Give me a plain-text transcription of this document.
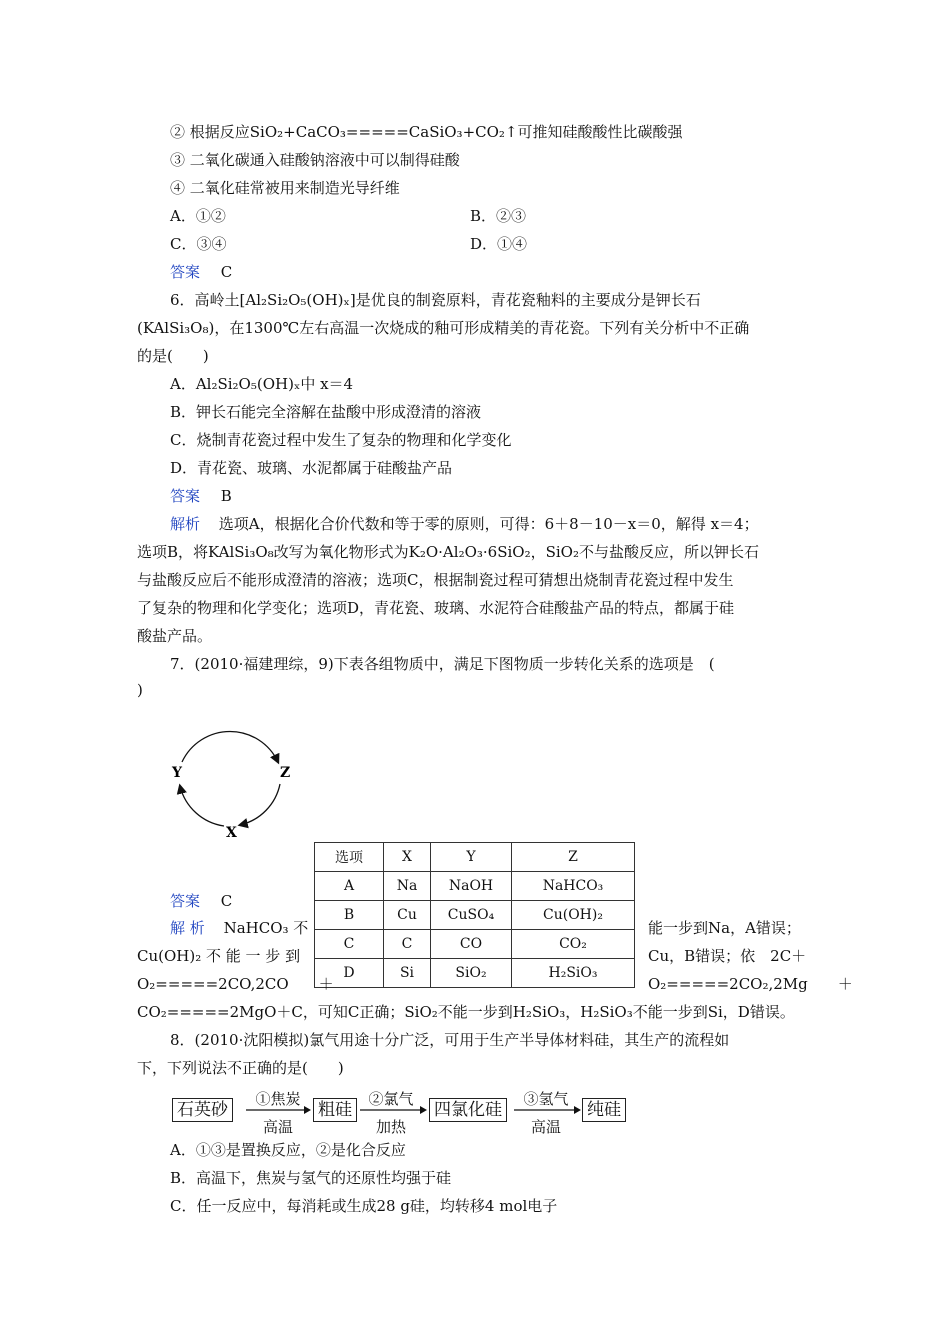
② 根据反应SiO₂+CaCO₃=====CaSiO₃+CO₂↑可推知硅酸酸性比碳酸强
③ 二氧化碳通入硅酸钠溶液中可以制得硅酸
④ 二氧化硅常被用来制造光导纤维
A．①②	B．②③
C．③④	D．①④
答案 C
6．高岭土[Al₂Si₂O₅(OH)ₓ]是优良的制瓷原料，青花瓷釉料的主要成分是钾长石
(KAlSi₃O₈)，在1300℃左右高温一次烧成的釉可形成精美的青花瓷。下列有关分析中不正确
的是(　　)
A．Al₂Si₂O₅(OH)ₓ中 x＝4
B．钾长石能完全溶解在盐酸中形成澄清的溶液
C．烧制青花瓷过程中发生了复杂的物理和化学变化
D．青花瓷、玻璃、水泥都属于硅酸盐产品
答案 B
解析 选项A，根据化合价代数和等于零的原则，可得：6＋8－10－x＝0，解得 x＝4；
选项B，将KAlSi₃O₈改写为氧化物形式为K₂O·Al₂O₃·6SiO₂，SiO₂不与盐酸反应，所以钾长石
与盐酸反应后不能形成澄清的溶液；选项C，根据制瓷过程可猜想出烧制青花瓷过程中发生
了复杂的物理和化学变化；选项D，青花瓷、玻璃、水泥符合硅酸盐产品的特点，都属于硅
酸盐产品。
7．(2010·福建理综，9)下表各组物质中，满足下图物质一步转化关系的选项是　(
)
Y	Z
X
选项	X	Y	Z
A	Na	NaOH	NaHCO₃
B	Cu	CuSO₄	Cu(OH)₂
C	C	CO	CO₂
D	Si	SiO₂	H₂SiO₃
答案 C
解 析 NaHCO₃ 不
Cu(OH)₂ 不 能 一 步 到
O₂=====2CO,2CO　　＋
能一步到Na，A错误；
Cu，B错误；依　2C＋
O₂=====2CO₂,2Mg　　＋
CO₂=====2MgO＋C，可知C正确；SiO₂不能一步到H₂SiO₃，H₂SiO₃不能一步到Si，D错误。
8．(2010·沈阳模拟)氯气用途十分广泛，可用于生产半导体材料硅，其生产的流程如
下，下列说法不正确的是(　　)
石英砂
①焦炭
高温
粗硅
②氯气
加热
四氯化硅
③氢气
高温
纯硅
A．①③是置换反应，②是化合反应
B．高温下，焦炭与氢气的还原性均强于硅
C．任一反应中，每消耗或生成28 g硅，均转移4 mol电子
